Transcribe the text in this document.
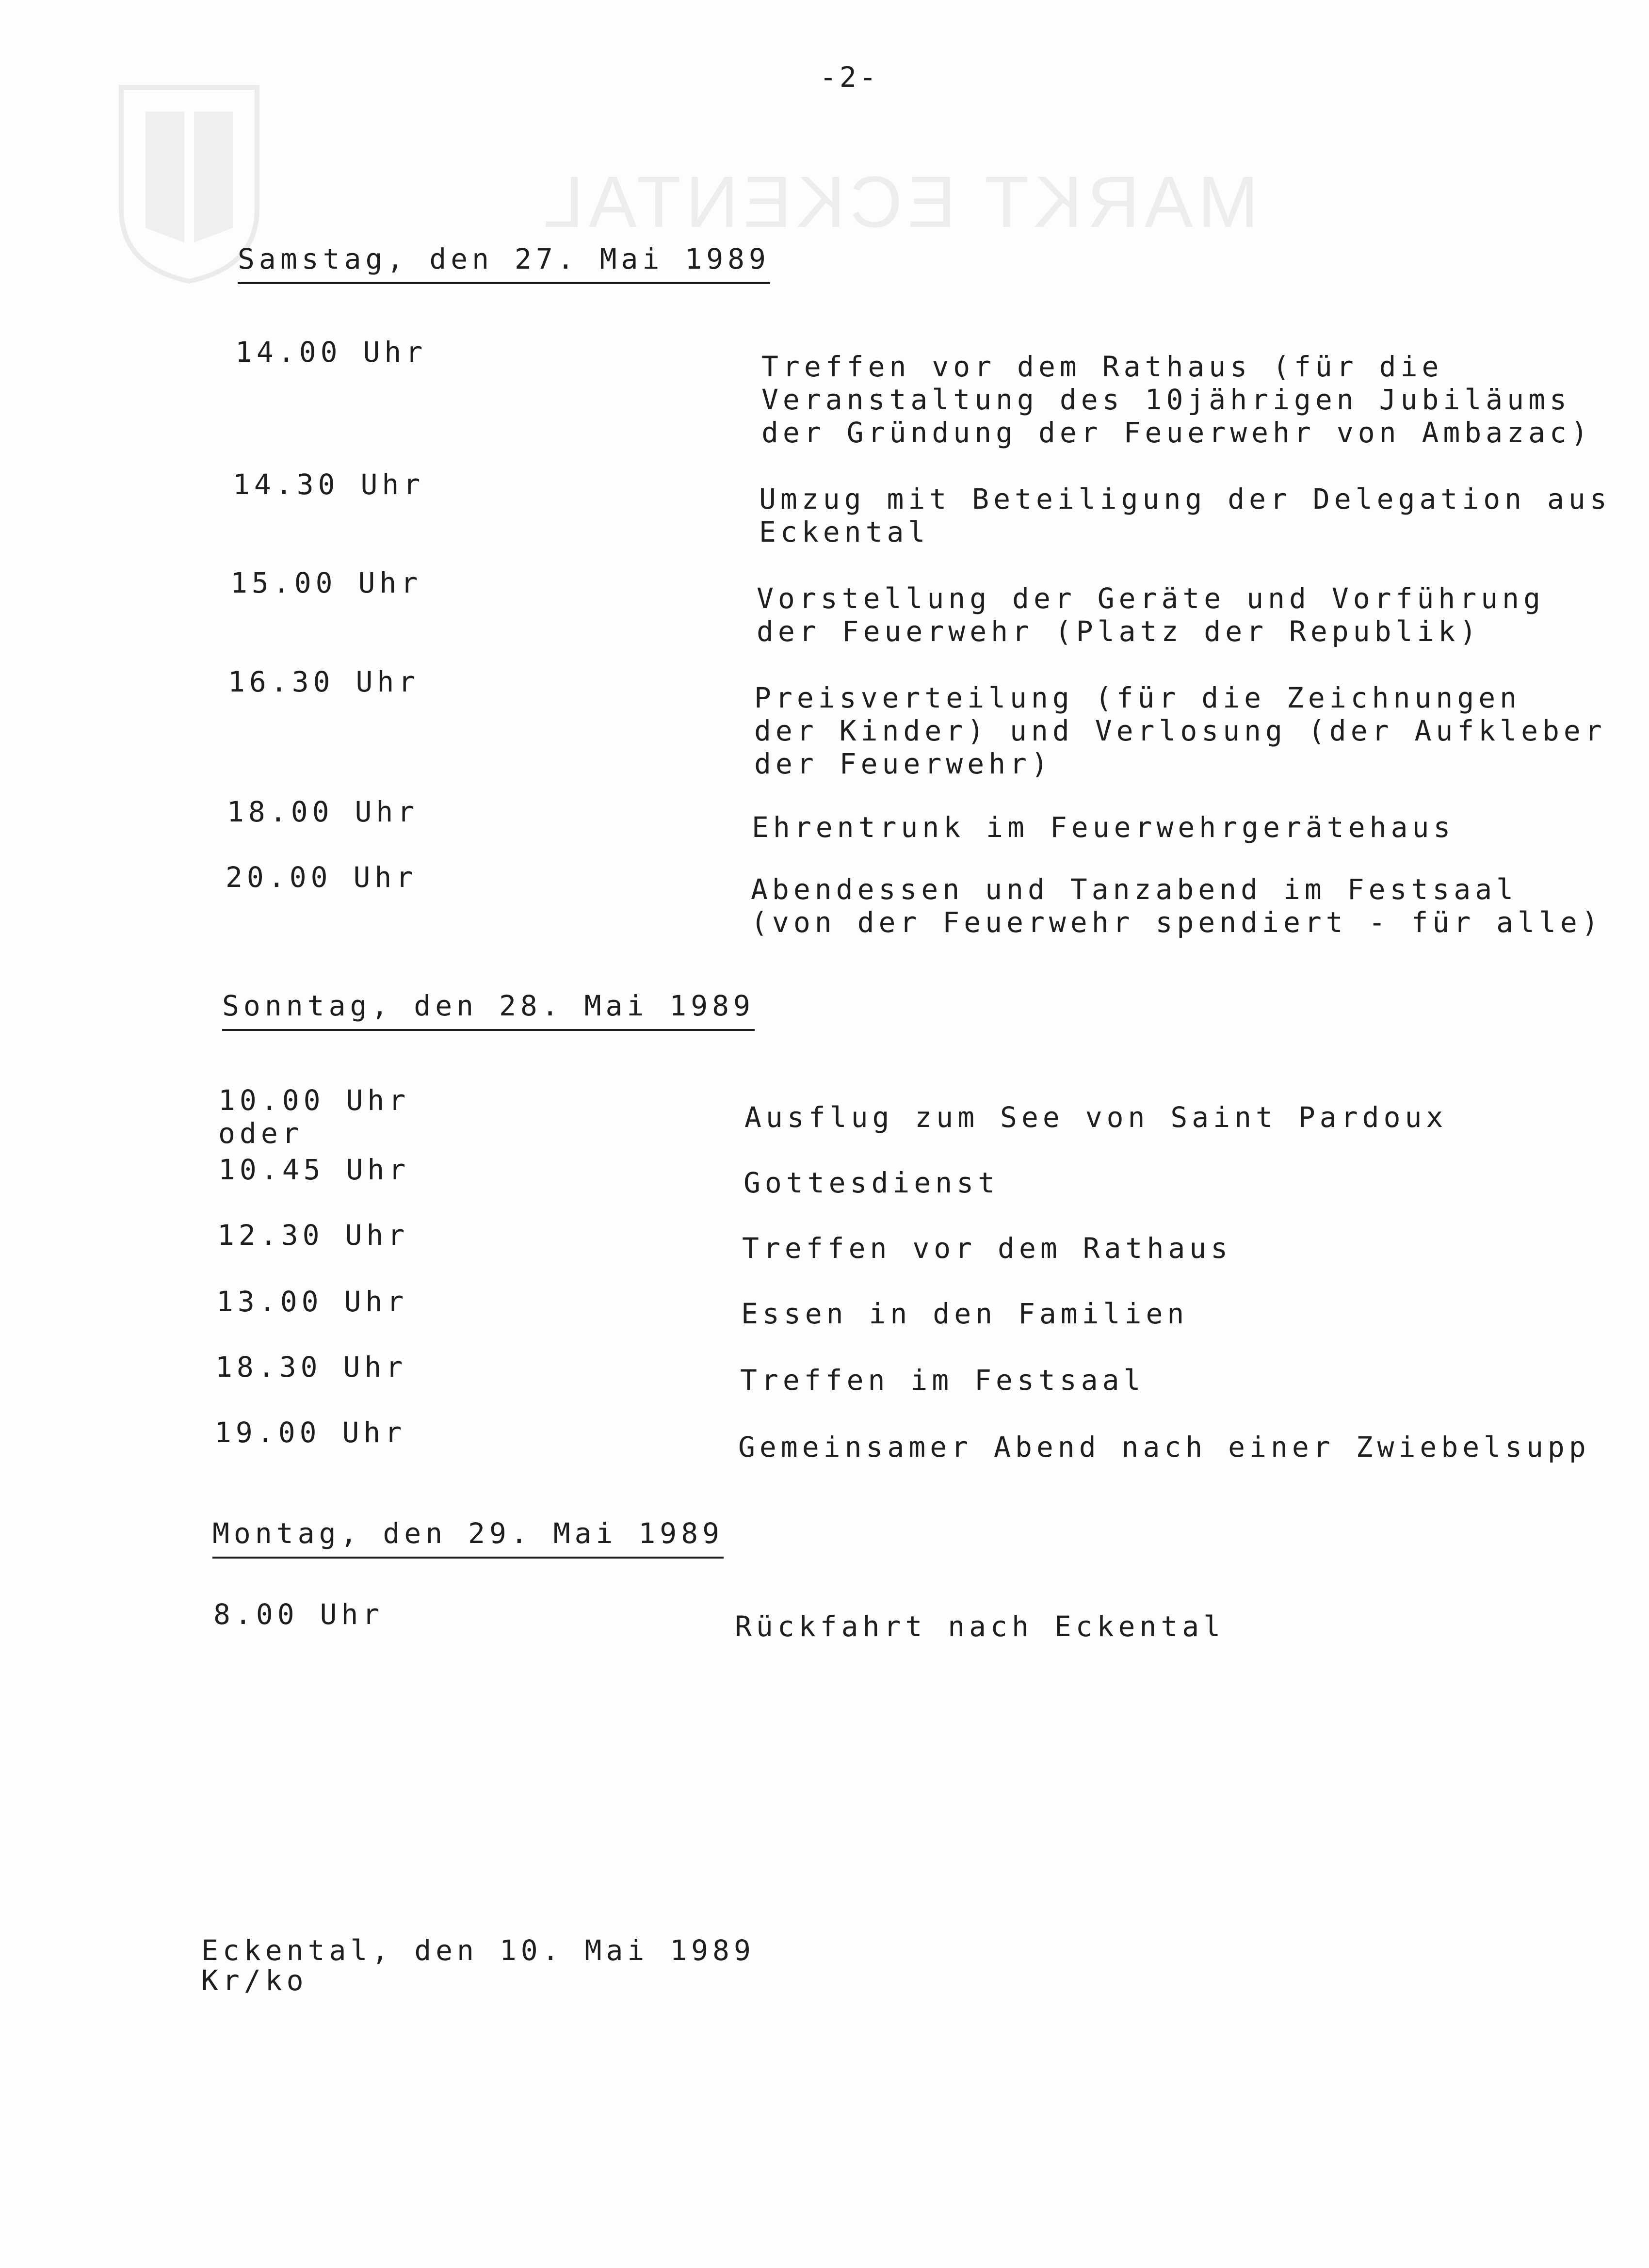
MARKT ECKENTAL
-2-
Samstag, den 27. Mai 1989
14.00 Uhr	Treffen vor dem Rathaus (für die
Veranstaltung des 10jährigen Jubiläums
der Gründung der Feuerwehr von Ambazac)
14.30 Uhr	Umzug mit Beteiligung der Delegation aus
Eckental
15.00 Uhr	Vorstellung der Geräte und Vorführung
der Feuerwehr (Platz der Republik)
16.30 Uhr	Preisverteilung (für die Zeichnungen
der Kinder) und Verlosung (der Aufkleber
der Feuerwehr)
18.00 Uhr	Ehrentrunk im Feuerwehrgerätehaus
20.00 Uhr	Abendessen und Tanzabend im Festsaal
(von der Feuerwehr spendiert - für alle)
Sonntag, den 28. Mai 1989
10.00 Uhr
oder	Ausflug zum See von Saint Pardoux
10.45 Uhr	Gottesdienst
12.30 Uhr	Treffen vor dem Rathaus
13.00 Uhr	Essen in den Familien
18.30 Uhr	Treffen im Festsaal
19.00 Uhr	Gemeinsamer Abend nach einer Zwiebelsupp
Montag, den 29. Mai 1989
8.00 Uhr	Rückfahrt nach Eckental
Eckental, den 10. Mai 1989
Kr/ko
